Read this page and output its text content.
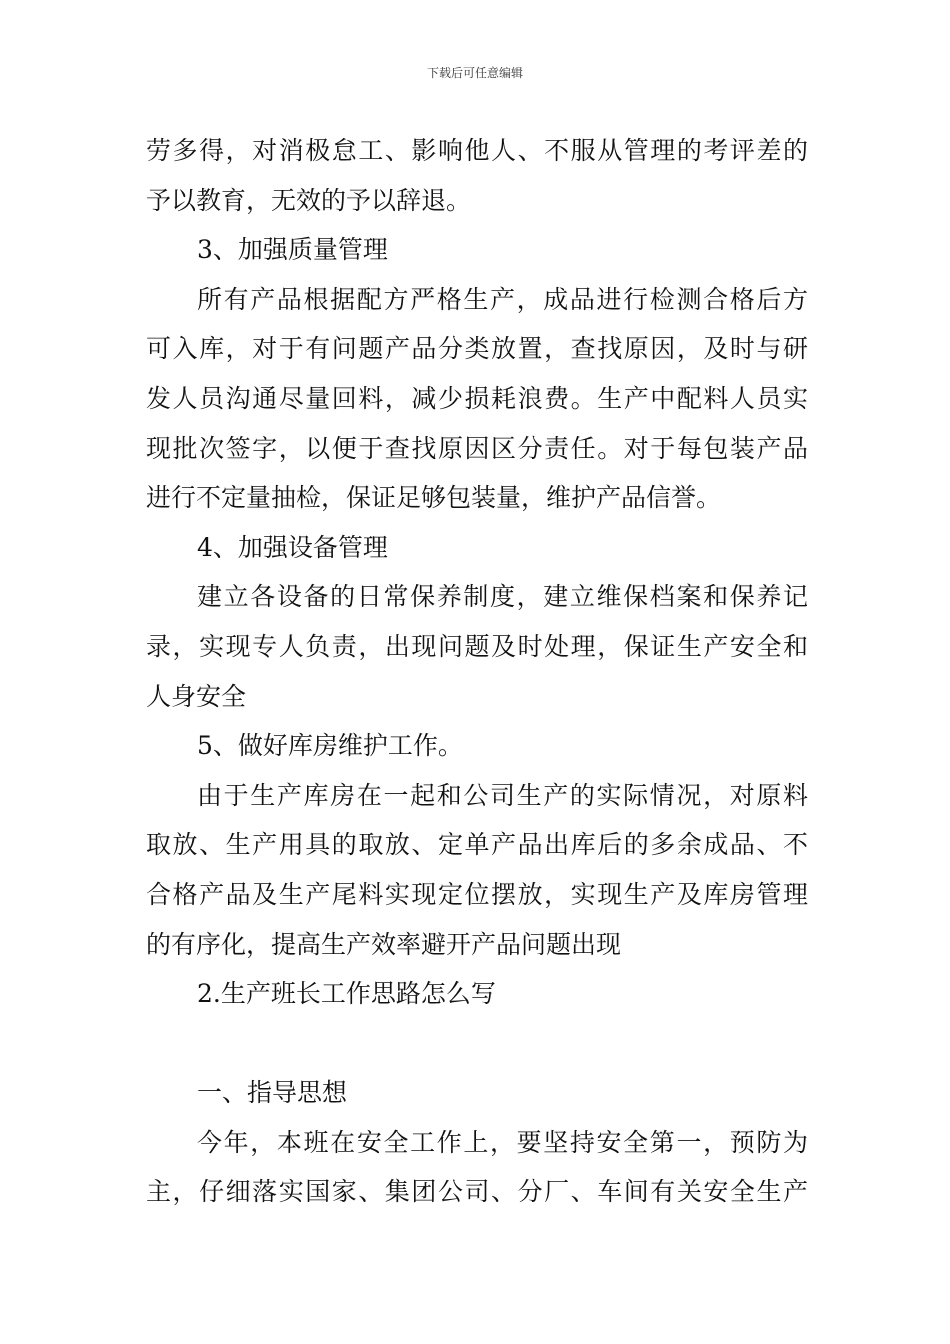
下载后可任意编辑
劳多得，对消极怠工、影响他人、不服从管理的考评差的
予以教育，无效的予以辞退。
3、加强质量管理
所有产品根据配方严格生产，成品进行检测合格后方
可入库，对于有问题产品分类放置，查找原因，及时与研
发人员沟通尽量回料，减少损耗浪费。生产中配料人员实
现批次签字，以便于查找原因区分责任。对于每包装产品
进行不定量抽检，保证足够包装量，维护产品信誉。
4、加强设备管理
建立各设备的日常保养制度，建立维保档案和保养记
录，实现专人负责，出现问题及时处理，保证生产安全和
人身安全
5、做好库房维护工作。
由于生产库房在一起和公司生产的实际情况，对原料
取放、生产用具的取放、定单产品出库后的多余成品、不
合格产品及生产尾料实现定位摆放，实现生产及库房管理
的有序化，提高生产效率避开产品问题出现
2.生产班长工作思路怎么写
一、指导思想
今年，本班在安全工作上，要坚持安全第一，预防为
主，仔细落实国家、集团公司、分厂、车间有关安全生产
